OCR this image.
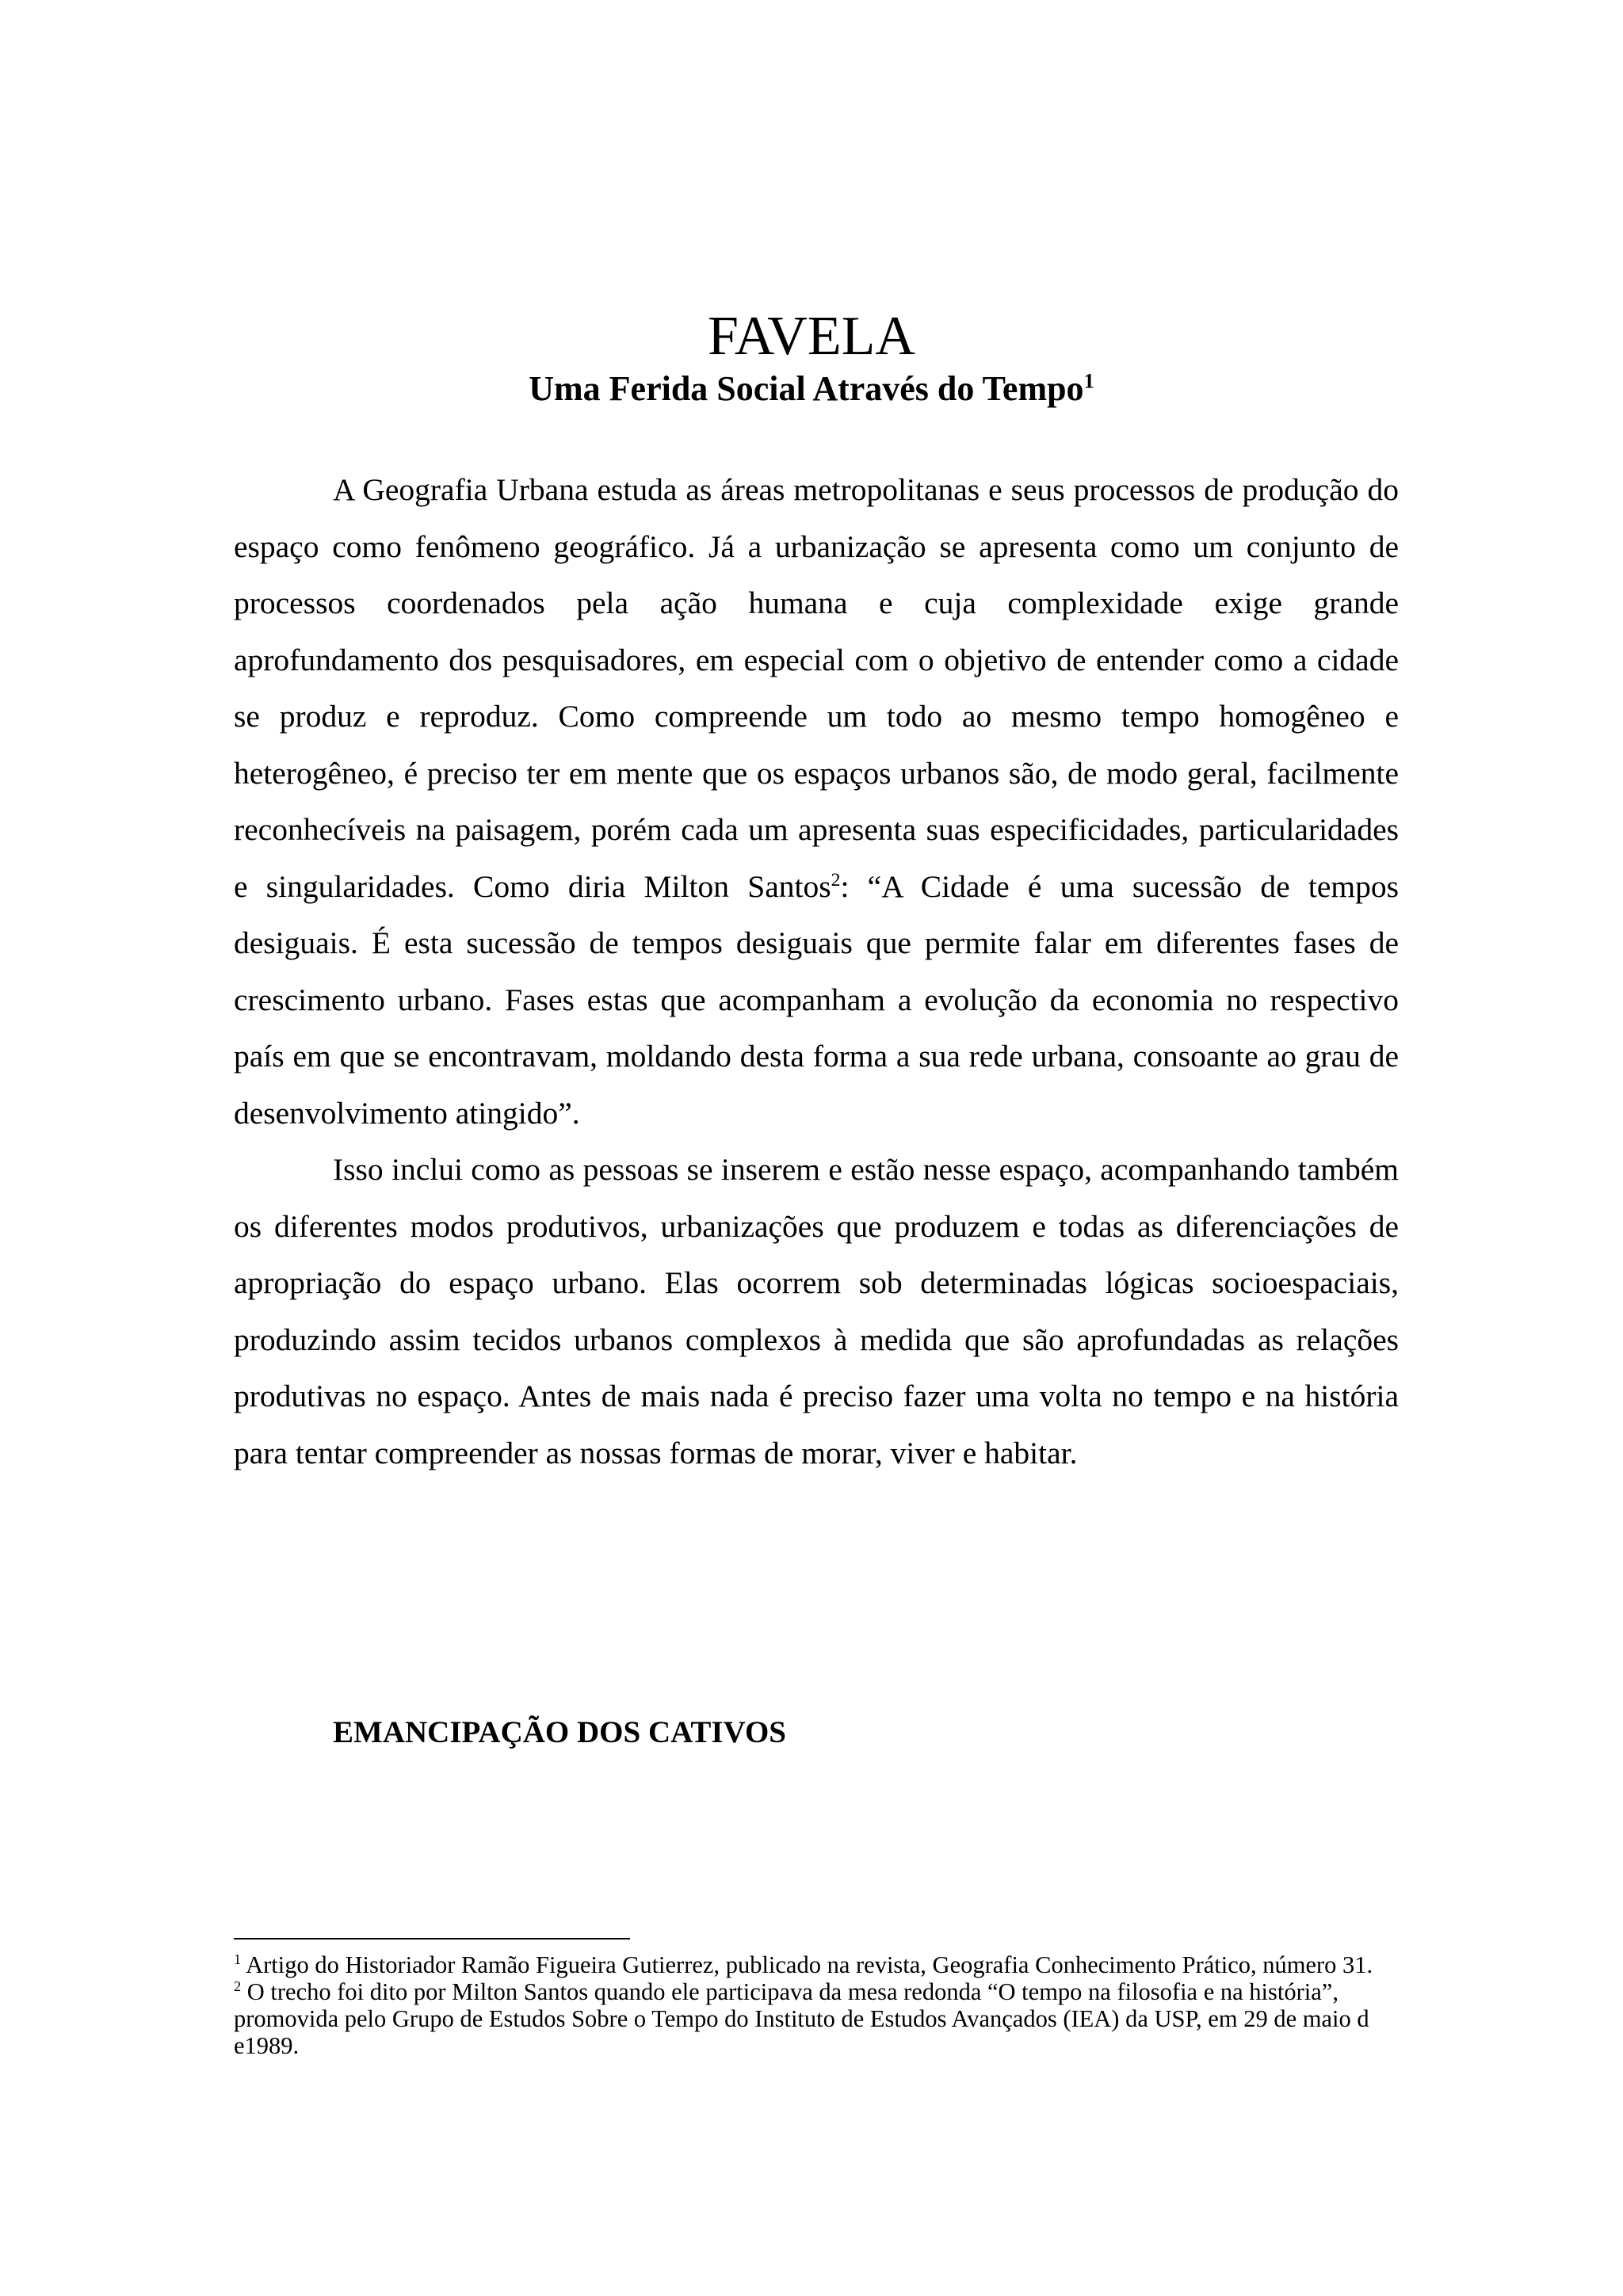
FAVELA
Uma Ferida Social Através do Tempo$^1$

A Geografia Urbana estuda as áreas metropolitanas e seus processos de produção do espaço como fenômeno geográfico. Já a urbanização se apresenta como um conjunto de processos coordenados pela ação humana e cuja complexidade exige grande aprofundamento dos pesquisadores, em especial com o objetivo de entender como a cidade se produz e reproduz. Como compreende um todo ao mesmo tempo homogêneo e heterogêneo, é preciso ter em mente que os espaços urbanos são, de modo geral, facilmente reconhecíveis na paisagem, porém cada um apresenta suas especificidades, particularidades e singularidades. Como diria Milton Santos$^2$: “A Cidade é uma sucessão de tempos desiguais. É esta sucessão de tempos desiguais que permite falar em diferentes fases de crescimento urbano. Fases estas que acompanham a evolução da economia no respectivo país em que se encontravam, moldando desta forma a sua rede urbana, consoante ao grau de desenvolvimento atingido”.

Isso inclui como as pessoas se inserem e estão nesse espaço, acompanhando também os diferentes modos produtivos, urbanizações que produzem e todas as diferenciações de apropriação do espaço urbano. Elas ocorrem sob determinadas lógicas socioespaciais, produzindo assim tecidos urbanos complexos à medida que são aprofundadas as relações produtivas no espaço. Antes de mais nada é preciso fazer uma volta no tempo e na história para tentar compreender as nossas formas de morar, viver e habitar.

EMANCIPAÇÃO DOS CATIVOS

$^1$ Artigo do Historiador Ramão Figueira Gutierrez, publicado na revista, Geografia Conhecimento Prático, número 31.

$^2$ O trecho foi dito por Milton Santos quando ele participava da mesa redonda “O tempo na filosofia e na história”, promovida pelo Grupo de Estudos Sobre o Tempo do Instituto de Estudos Avançados (IEA) da USP, em 29 de maio d e1989.
